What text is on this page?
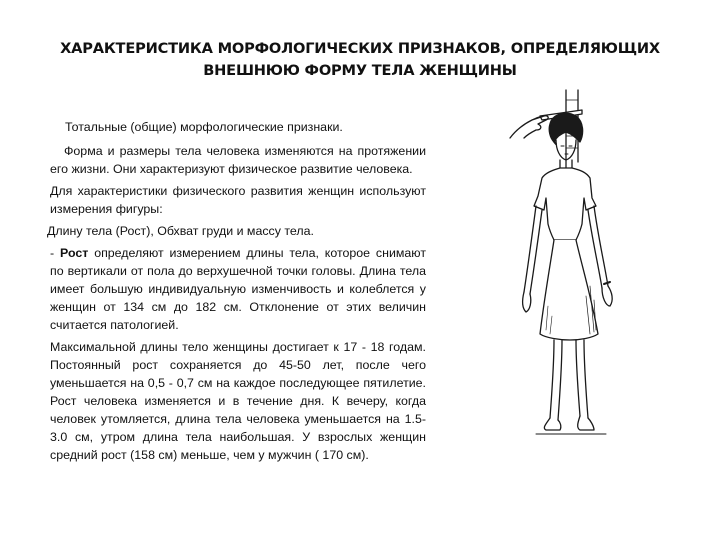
ХАРАКТЕРИСТИКА МОРФОЛОГИЧЕСКИХ ПРИЗНАКОВ, ОПРЕДЕЛЯЮЩИХ
ВНЕШНЮЮ ФОРМУ ТЕЛА ЖЕНЩИНЫ

Тотальные (общие) морфологические признаки.

Форма и размеры тела человека изменяются на протяжении его жизни. Они характеризуют физическое развитие человека.

Для характеристики физического развития женщин используют измерения фигуры:

Длину тела (Рост), Обхват груди и массу тела.

- Рост определяют измерением длины тела, которое снимают по вертикали от пола до верхушечной точки головы. Длина тела имеет большую индивидуальную изменчивость и колеблется у женщин от 134 см до 182 см. Отклонение от этих величин считается патологией.

Максимальной длины тело женщины достигает к 17 - 18 годам. Постоянный рост сохраняется до 45-50 лет, после чего уменьшается на 0,5 - 0,7 см на каждое последующее пятилетие. Рост человека изменяется и в течение дня. К вечеру, когда человек утомляется, длина тела человека уменьшается на 1.5-3.0 см, утром длина тела наибольшая. У взрослых женщин средний рост (158 см) меньше, чем у мужчин ( 170 см).
